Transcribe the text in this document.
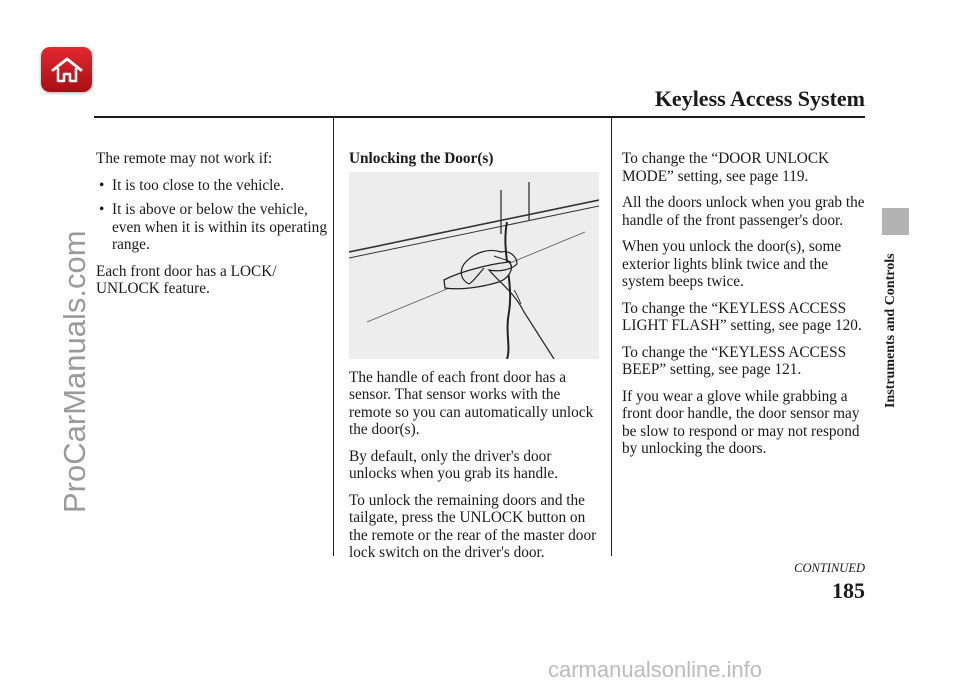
Keyless Access System
Instruments and Controls

The remote may not work if:

• It is too close to the vehicle.
• It is above or below the vehicle, even when it is within its operating range.

Each front door has a LOCK/ UNLOCK feature.

Unlocking the Door(s)

The handle of each front door has a sensor. That sensor works with the remote so you can automatically unlock the door(s).

By default, only the driver's door unlocks when you grab its handle.

To unlock the remaining doors and the tailgate, press the UNLOCK button on the remote or the rear of the master door lock switch on the driver's door.

To change the “DOOR UNLOCK MODE” setting, see page 119.

All the doors unlock when you grab the handle of the front passenger's door.

When you unlock the door(s), some exterior lights blink twice and the system beeps twice.

To change the “KEYLESS ACCESS LIGHT FLASH” setting, see page 120.

To change the “KEYLESS ACCESS BEEP” setting, see page 121.

If you wear a glove while grabbing a front door handle, the door sensor may be slow to respond or may not respond by unlocking the doors.

CONTINUED
185
ProCarManuals.com
carmanualsonline.info
